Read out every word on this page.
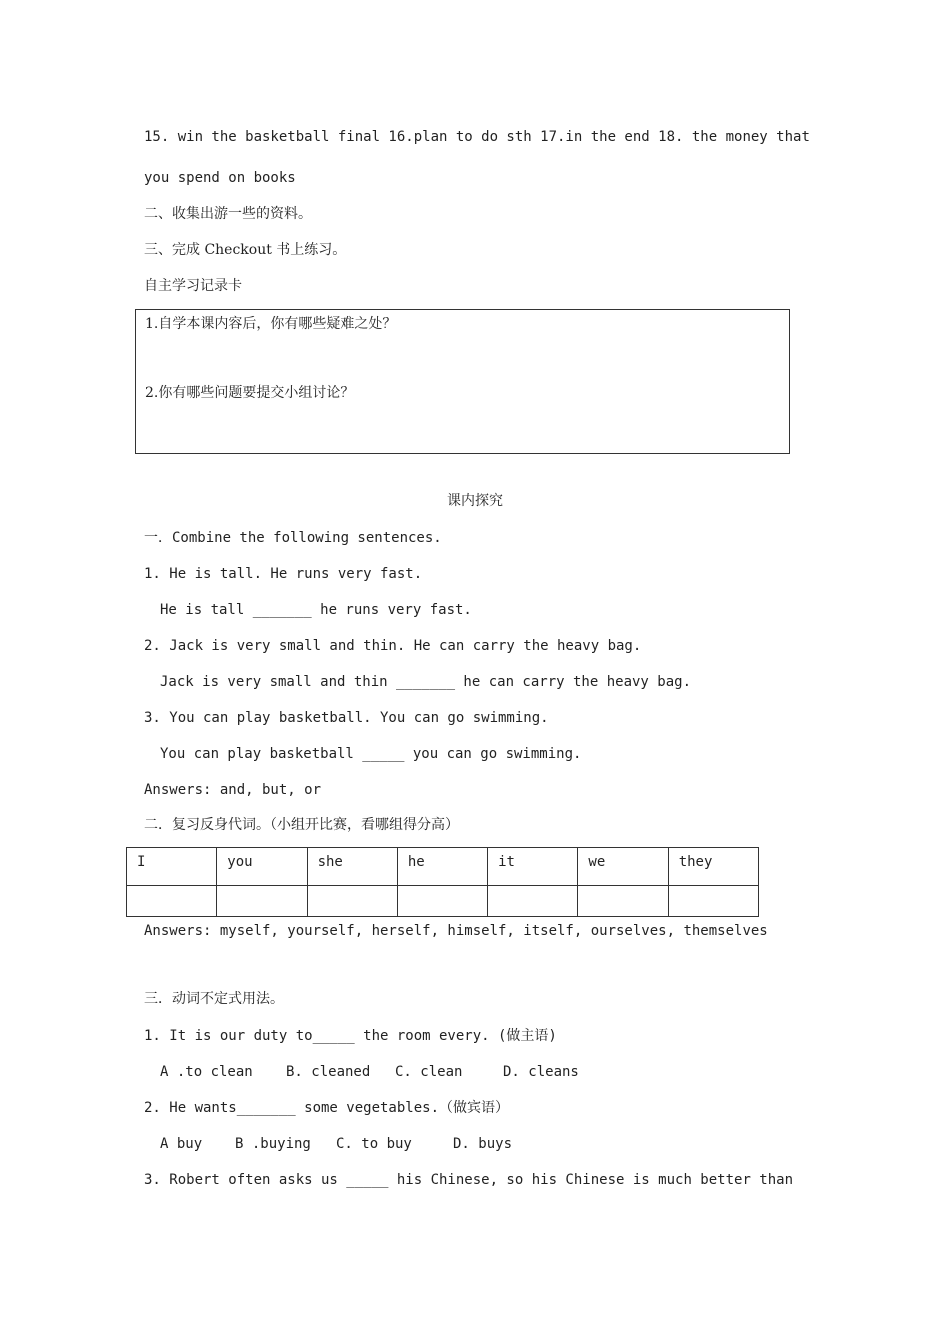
15. win the basketball final 16.plan to do sth 17.in the end 18. the money that
you spend on books
二、收集出游一些的资料。
三、完成 Checkout 书上练习。
自主学习记录卡
1.自学本课内容后，你有哪些疑难之处？
2.你有哪些问题要提交小组讨论？
课内探究
一．Combine the following sentences.
1. He is tall. He runs very fast.
He is tall _______ he runs very fast.
2. Jack is very small and thin. He can carry the heavy bag.
Jack is very small and thin _______ he can carry the heavy bag.
3. You can play basketball. You can go swimming.
You can play basketball _____ you can go swimming.
Answers: and, but, or
二．复习反身代词。（小组开比赛，看哪组得分高）
I	you	she	he	it	we	they

Answers: myself, yourself, herself, himself, itself, ourselves, themselves
三．动词不定式用法。
1. It is our duty to_____ the room every. (做主语)
A .to clean B. cleaned C. clean	D. cleans
2. He wants_______ some vegetables.（做宾语）
A buy B .buying C. to buy	D. buys
3. Robert often asks us _____ his Chinese, so his Chinese is much better than
